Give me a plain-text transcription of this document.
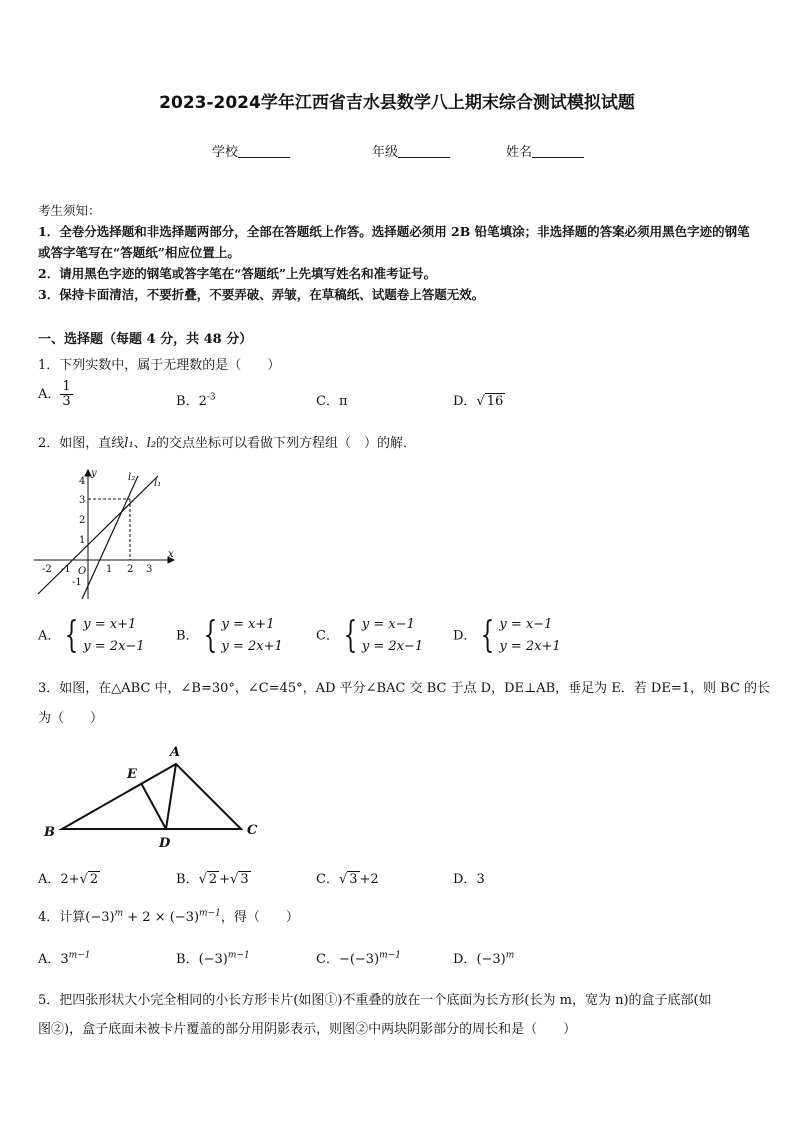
2023-2024学年江西省吉水县数学八上期末综合测试模拟试题
学校	年级	姓名
考生须知：
1．全卷分选择题和非选择题两部分，全部在答题纸上作答。选择题必须用 2B 铅笔填涂；非选择题的答案必须用黑色字迹的钢笔或答字笔写在“答题纸”相应位置上。
2．请用黑色字迹的钢笔或答字笔在“答题纸”上先填写姓名和准考证号。
3．保持卡面清洁，不要折叠，不要弄破、弄皱，在草稿纸、试题卷上答题无效。
一、选择题（每题 4 分，共 48 分）
1．下列实数中，属于无理数的是（　　）
A． $\frac{1}{3}$	B．$2^{-3}$	C．π	D．√ 16
2．如图，直线l₁、l₂的交点坐标可以看做下列方程组（　）的解．
y
x
O
4
3
2
1
-1
-2 -1	1 2 3
l₁
l₂
A． { y = x+1
y = 2x−1
B． { y = x+1
y = 2x+1
C． { y = x−1
y = 2x−1
D． { y = x−1
y = 2x+1
3．如图，在△ABC 中，∠B=30°，∠C=45°，AD 平分∠BAC 交 BC 于点 D，DE⊥AB，垂足为 E．若 DE=1，则 BC 的长
为（　　）
A
B	C
D
E
A．2+√ 2	B．√ 2 +√ 3	C．√ 3 +2	D．3
4．计算$(-3)^m + 2 \times (-3)^{m-1}$，得（　　）
A．$3^{m-1}$	B．$(-3)^{m-1}$	C．$-(-3)^{m-1}$	D．$(-3)^m$
5．把四张形状大小完全相同的小长方形卡片(如图①)不重叠的放在一个底面为长方形(长为 m，宽为 n)的盒子底部(如
图②)，盒子底面未被卡片覆盖的部分用阴影表示，则图②中两块阴影部分的周长和是（　　）
